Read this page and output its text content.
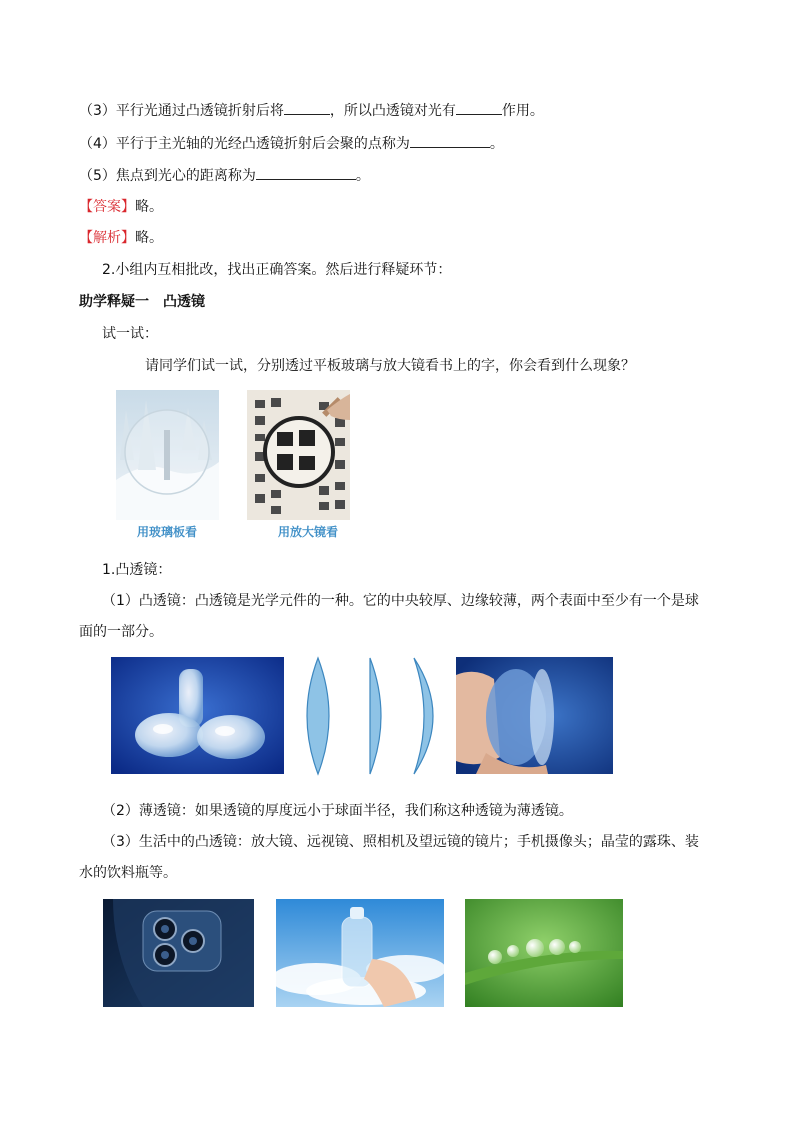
（3）平行光通过凸透镜折射后将	，所以凸透镜对光有	作用。
（4）平行于主光轴的光经凸透镜折射后会聚的点称为	。
（5）焦点到光心的距离称为	。
【答案】略。
【解析】略。
2.小组内互相批改，找出正确答案。然后进行释疑环节：
助学释疑一　凸透镜
试一试：
请同学们试一试，分别透过平板玻璃与放大镜看书上的字，你会看到什么现象？
用玻璃板看	用放大镜看
1.凸透镜：
（1）凸透镜：凸透镜是光学元件的一种。它的中央较厚、边缘较薄，两个表面中至少有一个是球
面的一部分。
（2）薄透镜：如果透镜的厚度远小于球面半径，我们称这种透镜为薄透镜。
（3）生活中的凸透镜：放大镜、远视镜、照相机及望远镜的镜片；手机摄像头；晶莹的露珠、装
水的饮料瓶等。
